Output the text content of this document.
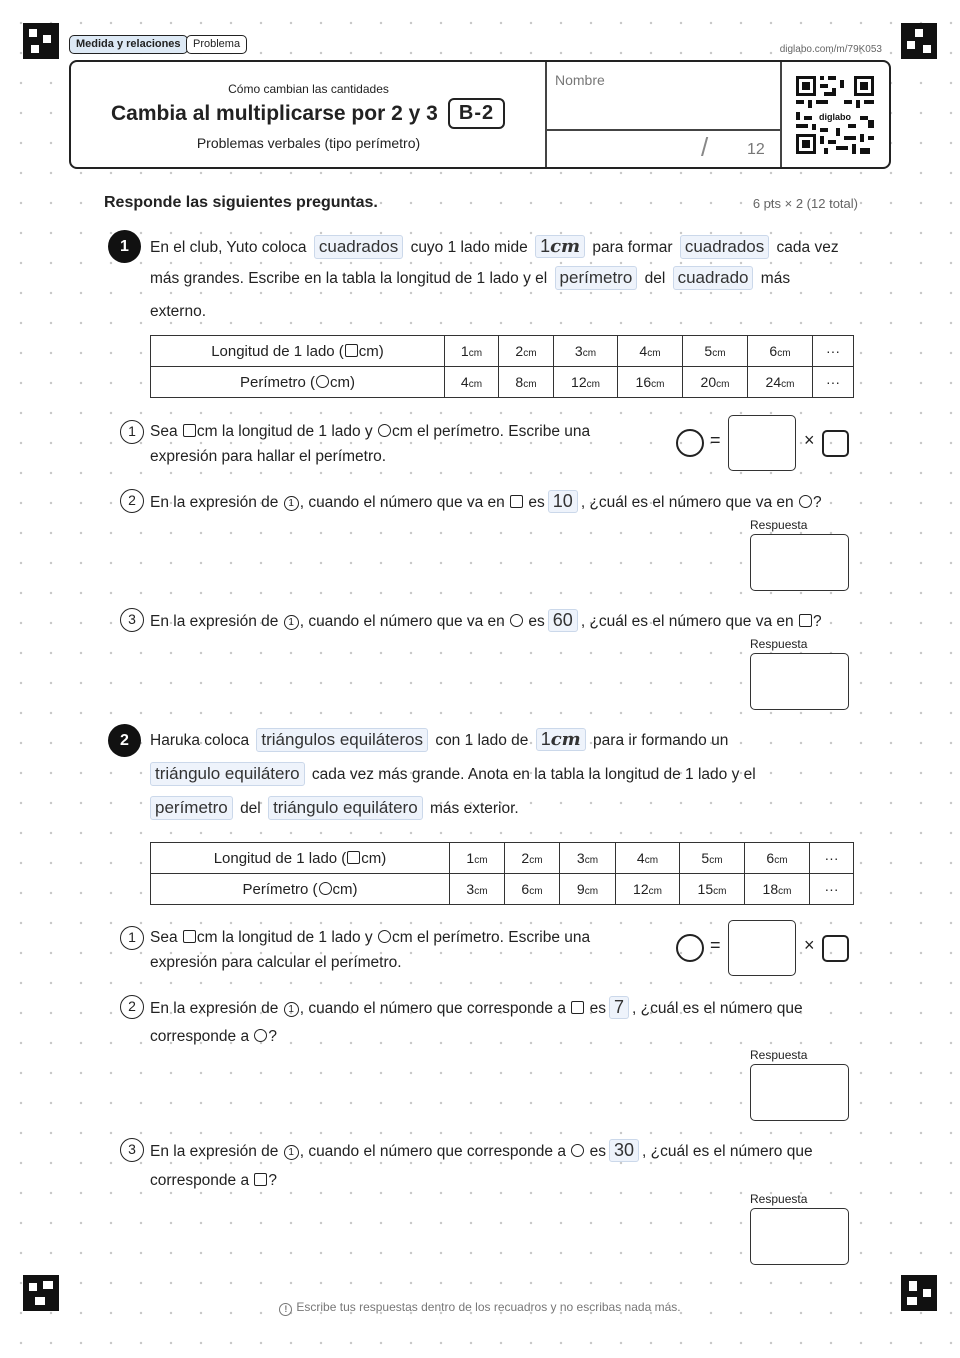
Medida y relaciones	Problema	diglabo.com/m/79K053
Cómo cambian las cantidades
Cambia al multiplicarse por 2 y 3	B-2
Problemas verbales (tipo perímetro)
Nombre
/ 12
diglabo
Responde las siguientes preguntas.	6 pts × 2 (12 total)
1	En el club, Yuto coloca cuadrados cuyo 1 lado mide 1cm para formar cuadrados cada vez
más grandes. Escribe en la tabla la longitud de 1 lado y el perímetro del cuadrado más
externo.
Longitud de 1 lado ( cm)	1cm	2cm	3cm	4cm	5cm	6cm	···
Perímetro ( cm)	4cm	8cm	12cm	16cm	20cm	24cm	···
1 Sea cm la longitud de 1 lado y cm el perímetro. Escribe una
expresión para hallar el perímetro.
=	×
2 En la expresión de 1 , cuando el número que va en es 10 , ¿cuál es el número que va en ?
Respuesta
3 En la expresión de 1 , cuando el número que va en es 60 , ¿cuál es el número que va en ?
Respuesta
2	Haruka coloca triángulos equiláteros con 1 lado de 1cm para ir formando un
triángulo equilátero cada vez más grande. Anota en la tabla la longitud de 1 lado y el
perímetro del triángulo equilátero más exterior.
Longitud de 1 lado ( cm)	1cm	2cm	3cm	4cm	5cm	6cm	···
Perímetro ( cm)	3cm	6cm	9cm	12cm	15cm	18cm	···
1 Sea cm la longitud de 1 lado y cm el perímetro. Escribe una
expresión para calcular el perímetro.
=	×
2 En la expresión de 1 , cuando el número que corresponde a es 7 , ¿cuál es el número que
corresponde a ?
Respuesta
3 En la expresión de 1 , cuando el número que corresponde a es 30 , ¿cuál es el número que
corresponde a ?
Respuesta
! Escribe tus respuestas dentro de los recuadros y no escribas nada más.
